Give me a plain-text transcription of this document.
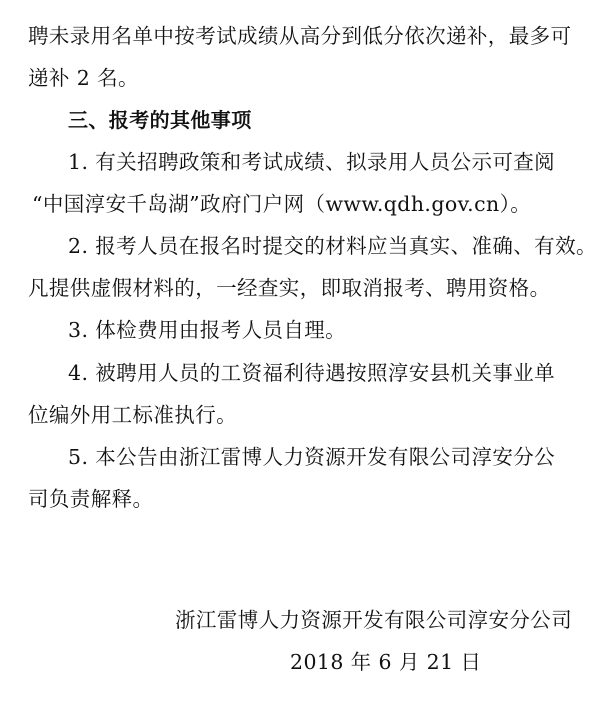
聘未录用名单中按考试成绩从高分到低分依次递补，最多可
递补 2 名。
三、报考的其他事项
1. 有关招聘政策和考试成绩、拟录用人员公示可查阅
“中国淳安千岛湖”政府门户网（www.qdh.gov.cn）。
2. 报考人员在报名时提交的材料应当真实、准确、有效。
凡提供虚假材料的，一经查实，即取消报考、聘用资格。
3. 体检费用由报考人员自理。
4. 被聘用人员的工资福利待遇按照淳安县机关事业单
位编外用工标准执行。
5. 本公告由浙江雷博人力资源开发有限公司淳安分公
司负责解释。
浙江雷博人力资源开发有限公司淳安分公司
2018 年 6 月 21 日
